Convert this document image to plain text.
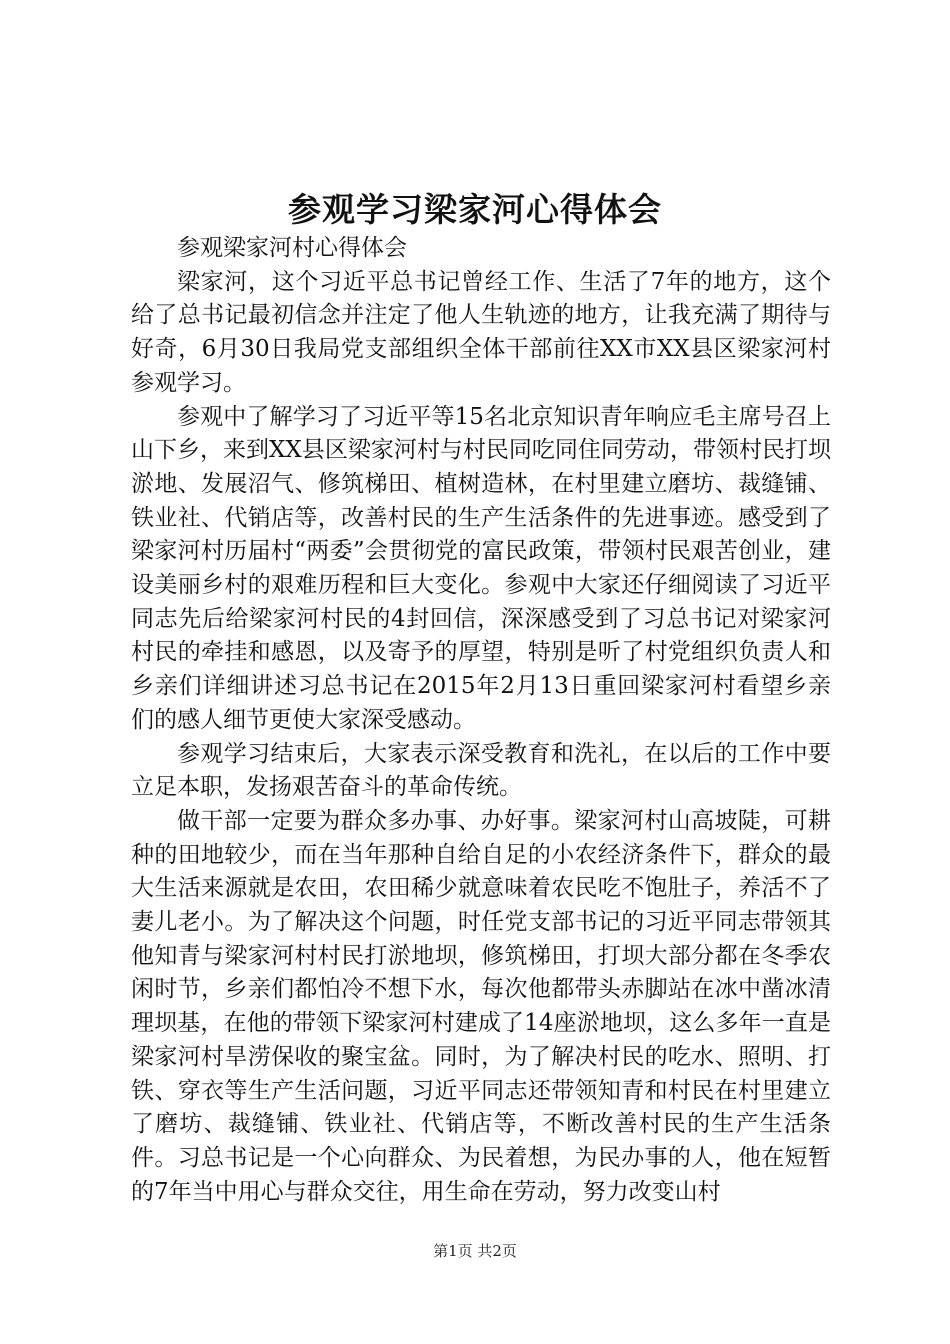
参观学习梁家河心得体会

参观梁家河村心得体会

梁家河，这个习近平总书记曾经工作、生活了7年的地方，这个给了总书记最初信念并注定了他人生轨迹的地方，让我充满了期待与好奇，6月30日我局党支部组织全体干部前往XX市XX县区梁家河村参观学习。

参观中了解学习了习近平等15名北京知识青年响应毛主席号召上山下乡，来到XX县区梁家河村与村民同吃同住同劳动，带领村民打坝淤地、发展沼气、修筑梯田、植树造林，在村里建立磨坊、裁缝铺、铁业社、代销店等，改善村民的生产生活条件的先进事迹。感受到了梁家河村历届村“两委”会贯彻党的富民政策，带领村民艰苦创业，建设美丽乡村的艰难历程和巨大变化。参观中大家还仔细阅读了习近平同志先后给梁家河村民的4封回信，深深感受到了习总书记对梁家河村民的牵挂和感恩，以及寄予的厚望，特别是听了村党组织负责人和乡亲们详细讲述习总书记在2015年2月13日重回梁家河村看望乡亲们的感人细节更使大家深受感动。

参观学习结束后，大家表示深受教育和洗礼，在以后的工作中要立足本职，发扬艰苦奋斗的革命传统。

做干部一定要为群众多办事、办好事。梁家河村山高坡陡，可耕种的田地较少，而在当年那种自给自足的小农经济条件下，群众的最大生活来源就是农田，农田稀少就意味着农民吃不饱肚子，养活不了妻儿老小。为了解决这个问题，时任党支部书记的习近平同志带领其他知青与梁家河村村民打淤地坝，修筑梯田，打坝大部分都在冬季农闲时节，乡亲们都怕冷不想下水，每次他都带头赤脚站在冰中凿冰清理坝基，在他的带领下梁家河村建成了14座淤地坝，这么多年一直是梁家河村旱涝保收的聚宝盆。同时，为了解决村民的吃水、照明、打铁、穿衣等生产生活问题，习近平同志还带领知青和村民在村里建立了磨坊、裁缝铺、铁业社、代销店等，不断改善村民的生产生活条件。习总书记是一个心向群众、为民着想，为民办事的人，他在短暂的7年当中用心与群众交往，用生命在劳动，努力改变山村

第1页 共2页
